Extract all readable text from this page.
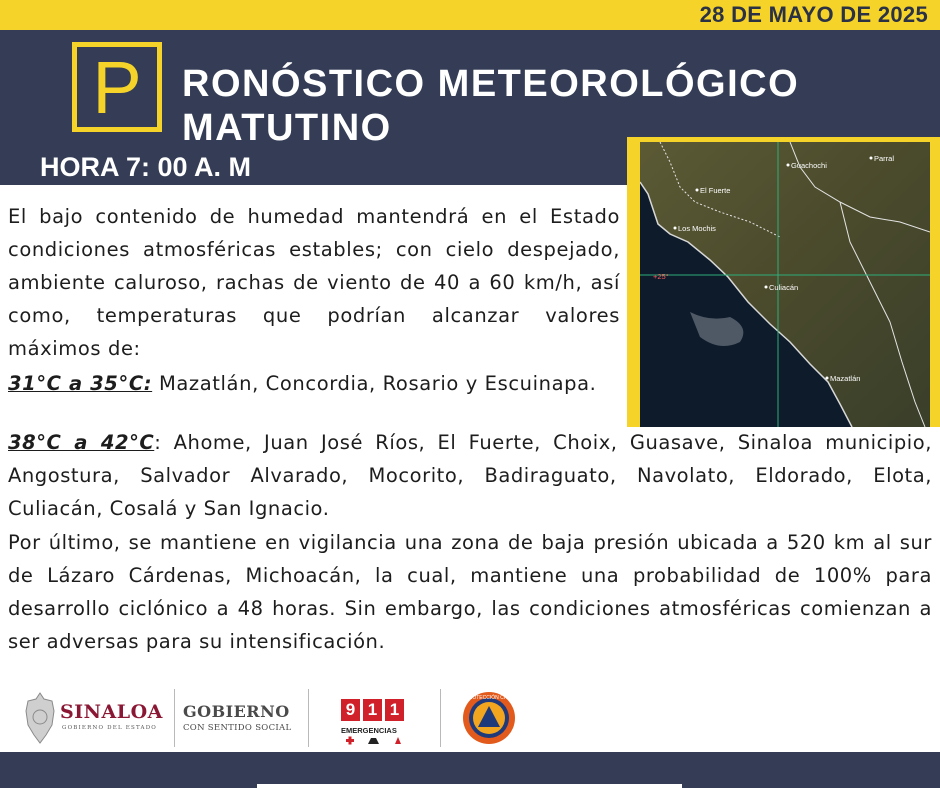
28 DE MAYO DE 2025
P	RONÓSTICO METEOROLÓGICO
MATUTINO
HORA 7: 00 A. M	Guachochi
Parral
El Fuerte
Los Mochis
+25°
Culiacán
Mazatlán
El bajo contenido de humedad mantendrá en el Estado condiciones atmosféricas estables; con cielo despejado, ambiente caluroso, rachas de viento de 40 a 60 km/h, así como, temperaturas que podrían alcanzar valores máximos de:
31°C a 35°C: Mazatlán, Concordia, Rosario y Escuinapa.
38°C a 42°C: Ahome, Juan José Ríos, El Fuerte, Choix, Guasave, Sinaloa municipio, Angostura, Salvador Alvarado, Mocorito, Badiraguato, Navolato, Eldorado, Elota, Culiacán, Cosalá y San Ignacio.
Por último, se mantiene en vigilancia una zona de baja presión ubicada a 520 km al sur de Lázaro Cárdenas, Michoacán, la cual, mantiene una probabilidad de 100% para desarrollo ciclónico a 48 horas. Sin embargo, las condiciones atmosféricas comienzan a ser adversas para su intensificación.
SINALOA
GOBIERNO DEL ESTADO
GOBIERNO
CON SENTIDO SOCIAL
9 1 1
EMERGENCIAS
PROTECCIÓN CIVIL
